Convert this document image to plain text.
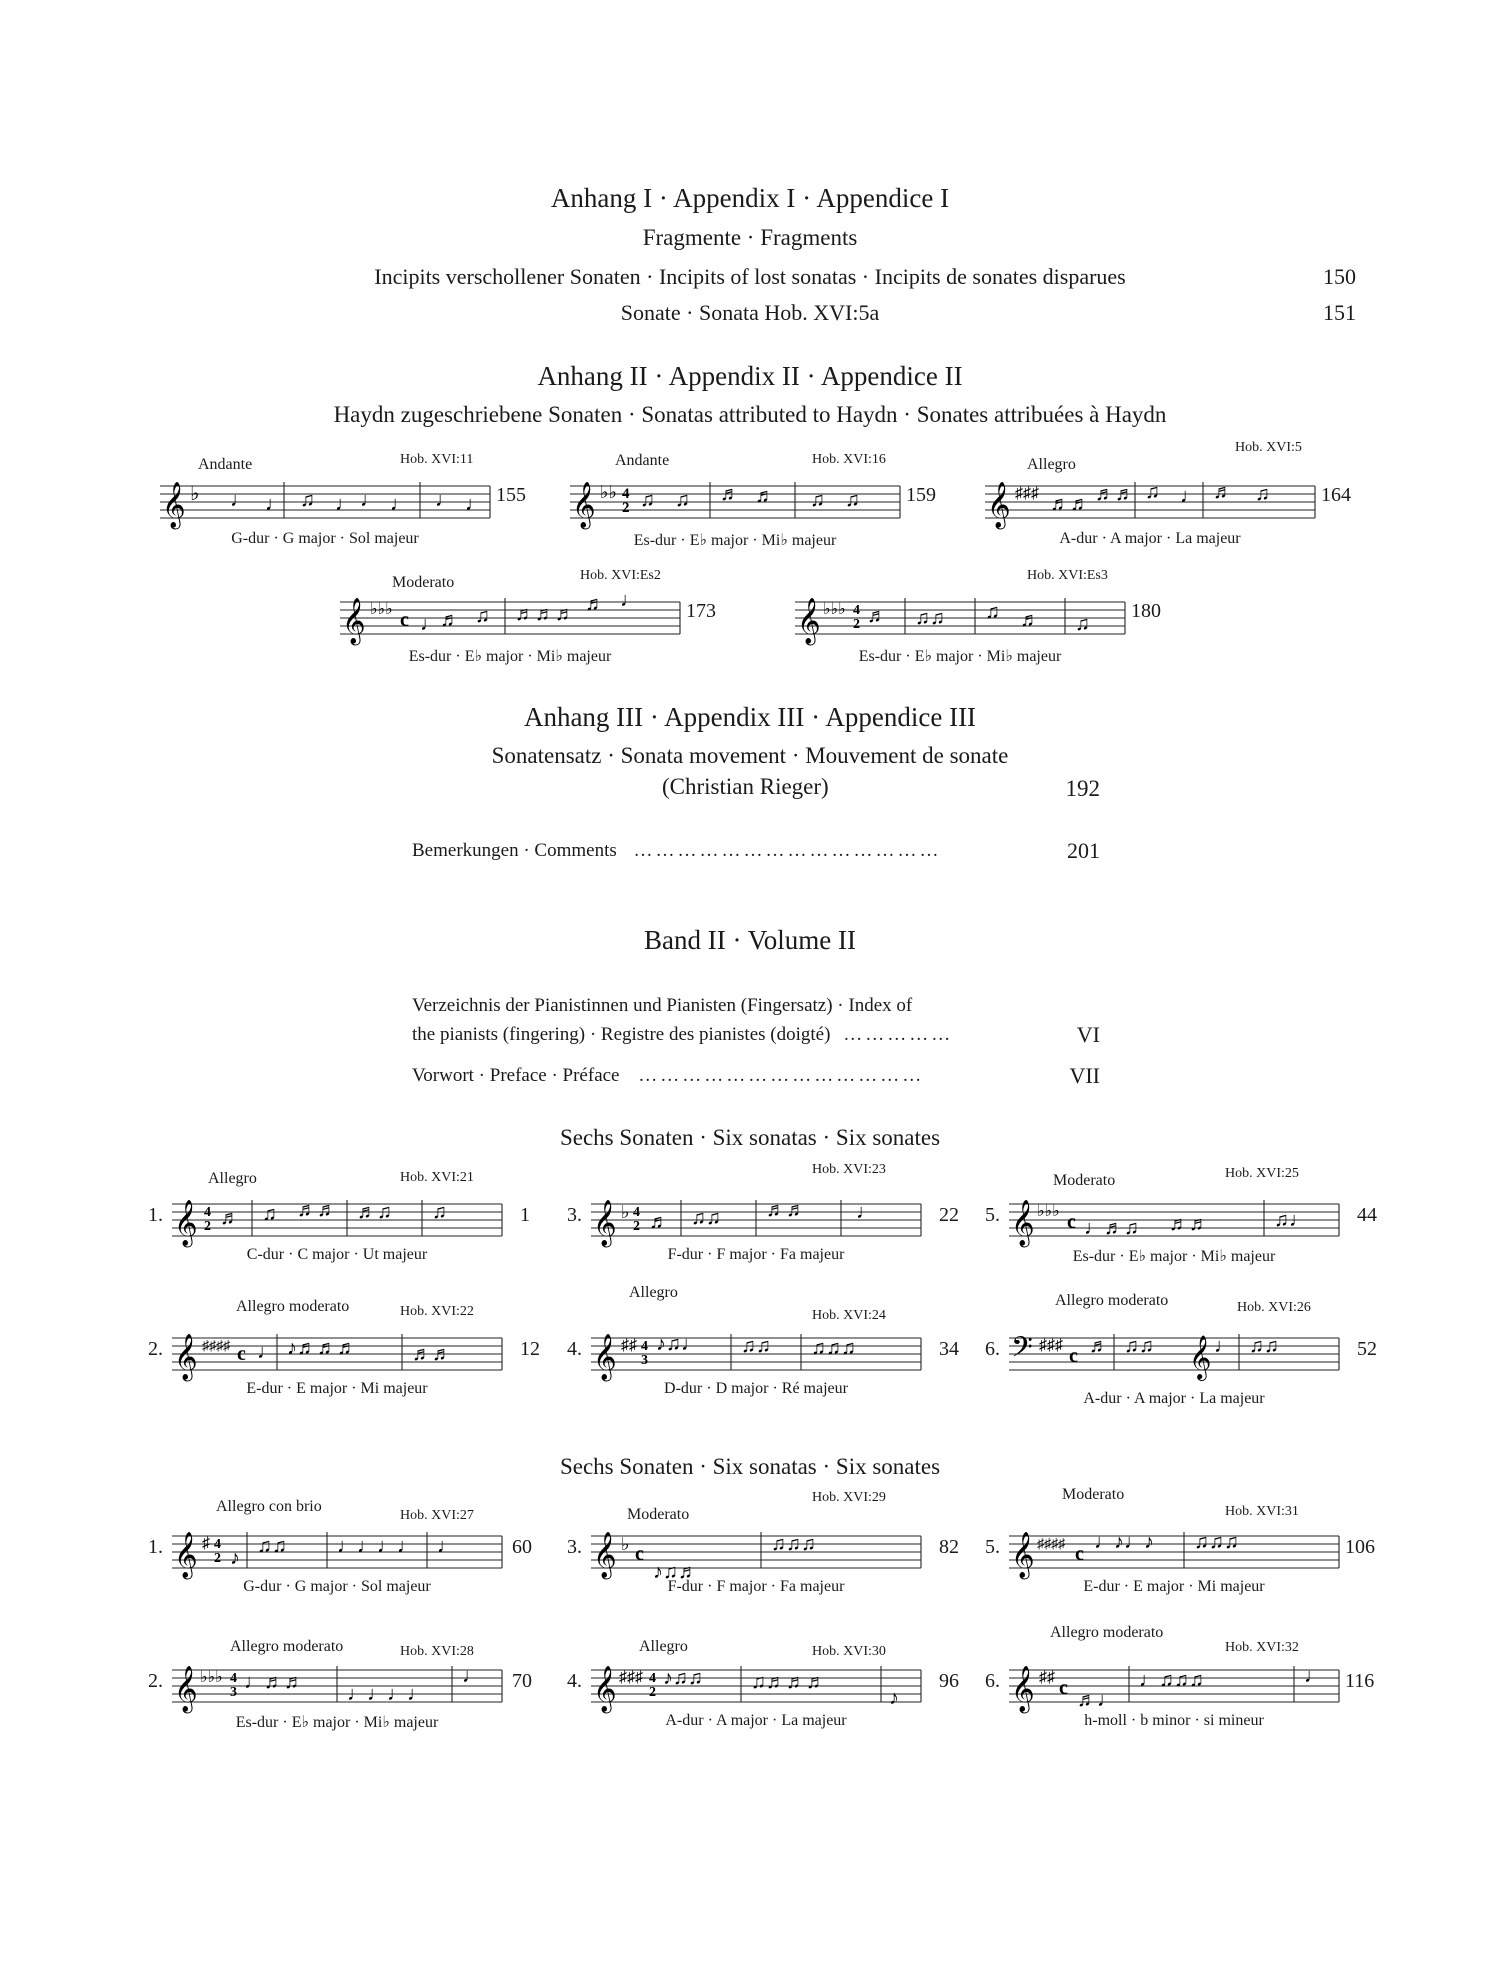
Anhang I · Appendix I · Appendice I
Fragmente · Fragments
Incipits verschollener Sonaten · Incipits of lost sonatas · Incipits de sonates disparues	150
Sonate · Sonata Hob. XVI:5a	151
Anhang II · Appendix II · Appendice II
Haydn zugeschriebene Sonaten · Sonatas attributed to Haydn · Sonates attribuées à Haydn
Andante	Hob. XVI:11
𝄞 ♭ ♩ ♩ ♫ ♩ ♩ ♩ ♩ ♩ 155
G-dur · G major · Sol majeur
Andante	Hob. XVI:16
𝄞 ♭♭
2
4 ♫ ♫ ♬ ♬ ♫ ♫ 159
Es-dur · E♭ major · Mi♭ majeur
Allegro
Hob. XVI:5
𝄞 ♯♯♯ ♬♬ ♬♬ ♫ ♩ ♬ ♫	164
A-dur · A major · La majeur
Moderato	Hob. XVI:Es2
𝄞 ♭♭♭ c ♩ ♬ ♫ ♬♬♬ ♬ ♩ 173
Es-dur · E♭ major · Mi♭ majeur
Hob. XVI:Es3
𝄞 ♭♭♭
2
4 ♬ ♫♫ ♫ ♬ ♫
180
Es-dur · E♭ major · Mi♭ majeur
Anhang III · Appendix III · Appendice III
Sonatensatz · Sonata movement · Mouvement de sonate
(Christian Rieger)	192
Bemerkungen · Comments ……………………………………	201
Band II · Volume II
Verzeichnis der Pianistinnen und Pianisten (Fingersatz) · Index of
the pianists (fingering) · Registre des pianistes (doigté) ……………	VI
Vorwort · Preface · Préface …………………………………	VII
Sechs Sonaten · Six sonatas · Six sonates
1.
Allegro	Hob. XVI:21
𝄞 2
4 ♬ ♫ ♬♬ ♬♫ ♫	1
C-dur · C major · Ut majeur
3.
Hob. XVI:23
𝄞 ♭
2
4 ♬ ♫♫ ♬♬	♩	22
F-dur · F major · Fa majeur
5.
Moderato	Hob. XVI:25
𝄞 ♭♭♭ c ♩♬♫ ♬♬	♫♩ 44
Es-dur · E♭ major · Mi♭ majeur
2.
Allegro moderato	Hob. XVI:22
𝄞 ♯♯♯♯ c ♩ ♪♬♬♬	♬♬	12
E-dur · E major · Mi majeur
4.
Allegro
Hob. XVI:24
𝄞 ♯♯
3
4 ♪♫♩ ♫♫ ♫♫♫	34
D-dur · D major · Ré majeur
6.
Allegro moderato	Hob. XVI:26
𝄢 ♯♯♯ c ♬ ♫♫ 𝄞 ♩ ♫♫	52
A-dur · A major · La majeur
Sechs Sonaten · Six sonatas · Six sonates
1.
Allegro con brio
Hob. XVI:27
𝄞 ♯
2
4
♪
♫♫	♩♩♩♩ ♩	60
G-dur · G major · Sol majeur
3.
Moderato
Hob. XVI:29
𝄞 ♭ c
♪♫♬
♫♫♫	82
F-dur · F major · Fa majeur
5.
Moderato
Hob. XVI:31
𝄞 ♯♯♯♯ c
♩♪♩♪ ♫♫♫	106
E-dur · E major · Mi majeur
2.
Allegro moderato	Hob. XVI:28
𝄞 ♭♭♭
3
4 ♩♬♬
♩♩♩♩
♩ 70
Es-dur · E♭ major · Mi♭ majeur
4.
Allegro	Hob. XVI:30
𝄞 ♯♯♯
2
4 ♪♫♫ ♫♬♬♬
♪
96
A-dur · A major · La majeur
6.
Allegro moderato
Hob. XVI:32
𝄞 ♯♯ c
♬♩
♩♫♫♫	♩ 116
h-moll · b minor · si mineur
